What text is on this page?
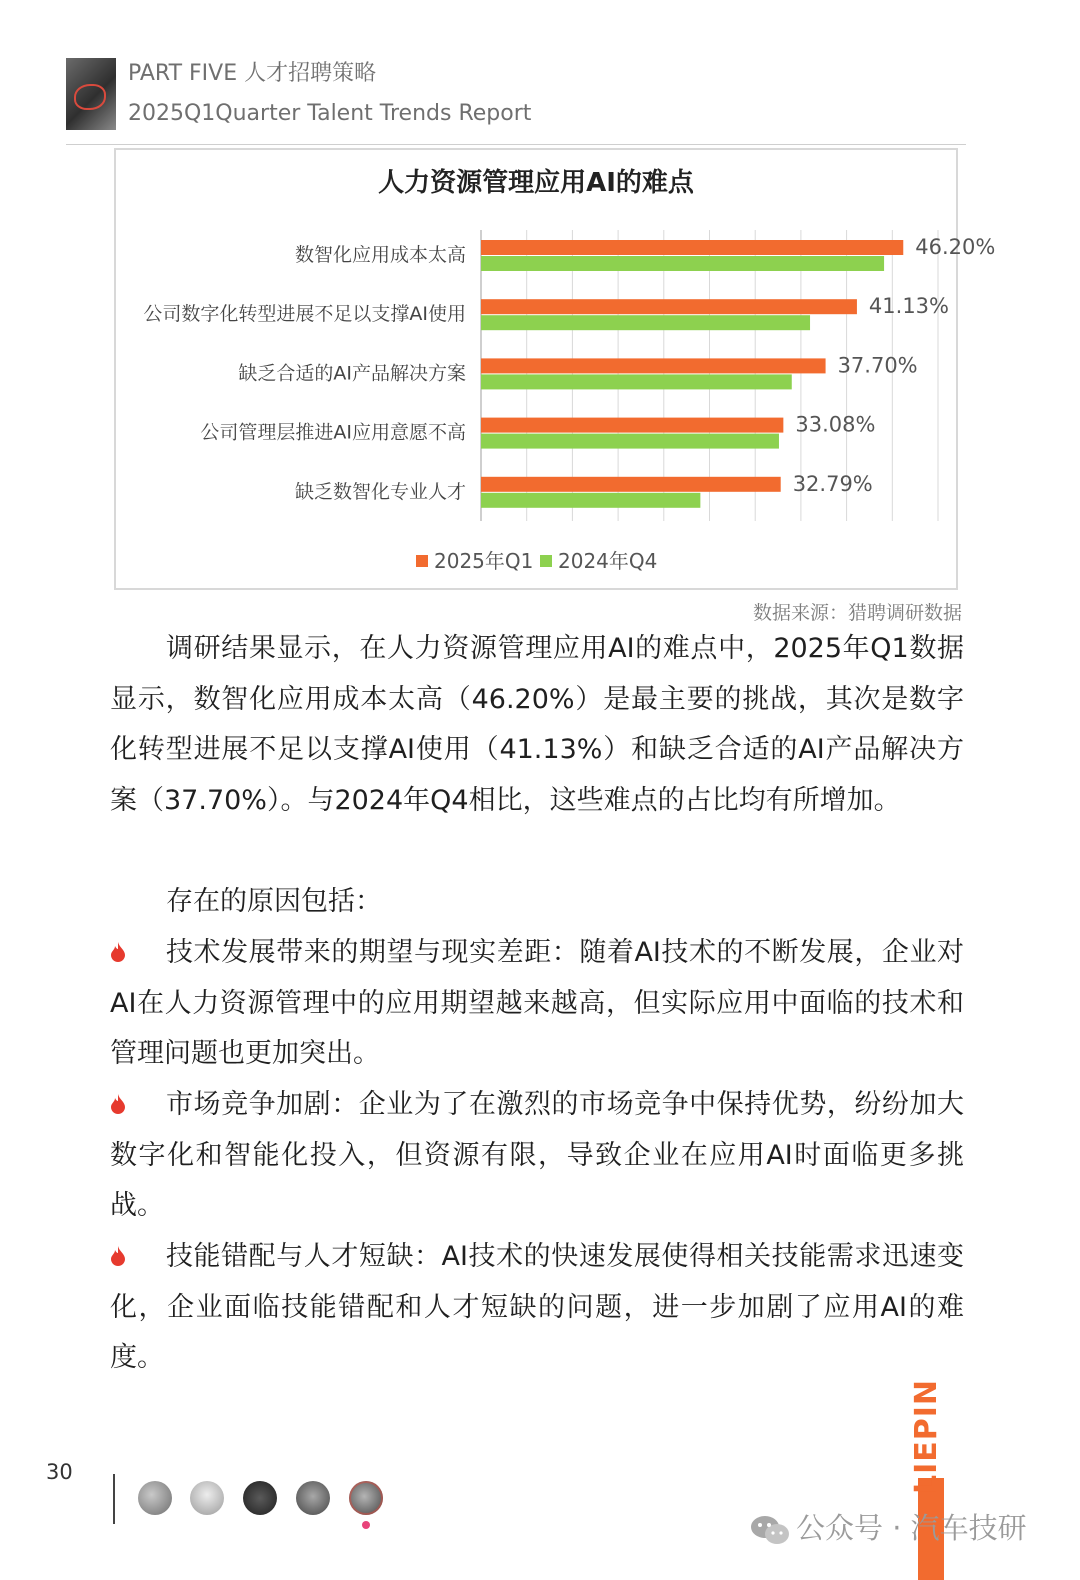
PART FIVE 人才招聘策略
2025Q1Quarter Talent Trends Report
人力资源管理应用AI的难点
数智化应用成本太高	46.20%
公司数字化转型进展不足以支撑AI使用	41.13%
缺乏合适的AI产品解决方案	37.70%
公司管理层推进AI应用意愿不高	33.08%
缺乏数智化专业人才	32.79%
2025年Q1 2024年Q4
数据来源：猎聘调研数据
调研结果显示，在人力资源管理应用AI的难点中，2025年Q1数据显示，数智化应用成本太高（46.20%）是最主要的挑战，其次是数字化转型进展不足以支撑AI使用（41.13%）和缺乏合适的AI产品解决方案（37.70%）。与2024年Q4相比，这些难点的占比均有所增加。
存在的原因包括：
技术发展带来的期望与现实差距：随着AI技术的不断发展，企业对AI在人力资源管理中的应用期望越来越高，但实际应用中面临的技术和管理问题也更加突出。
市场竞争加剧：企业为了在激烈的市场竞争中保持优势，纷纷加大数字化和智能化投入，但资源有限，导致企业在应用AI时面临更多挑战。
技能错配与人才短缺：AI技术的快速发展使得相关技能需求迅速变化，企业面临技能错配和人才短缺的问题，进一步加剧了应用AI的难度。
30	LIEPIN
公众号 · 汽车技研
